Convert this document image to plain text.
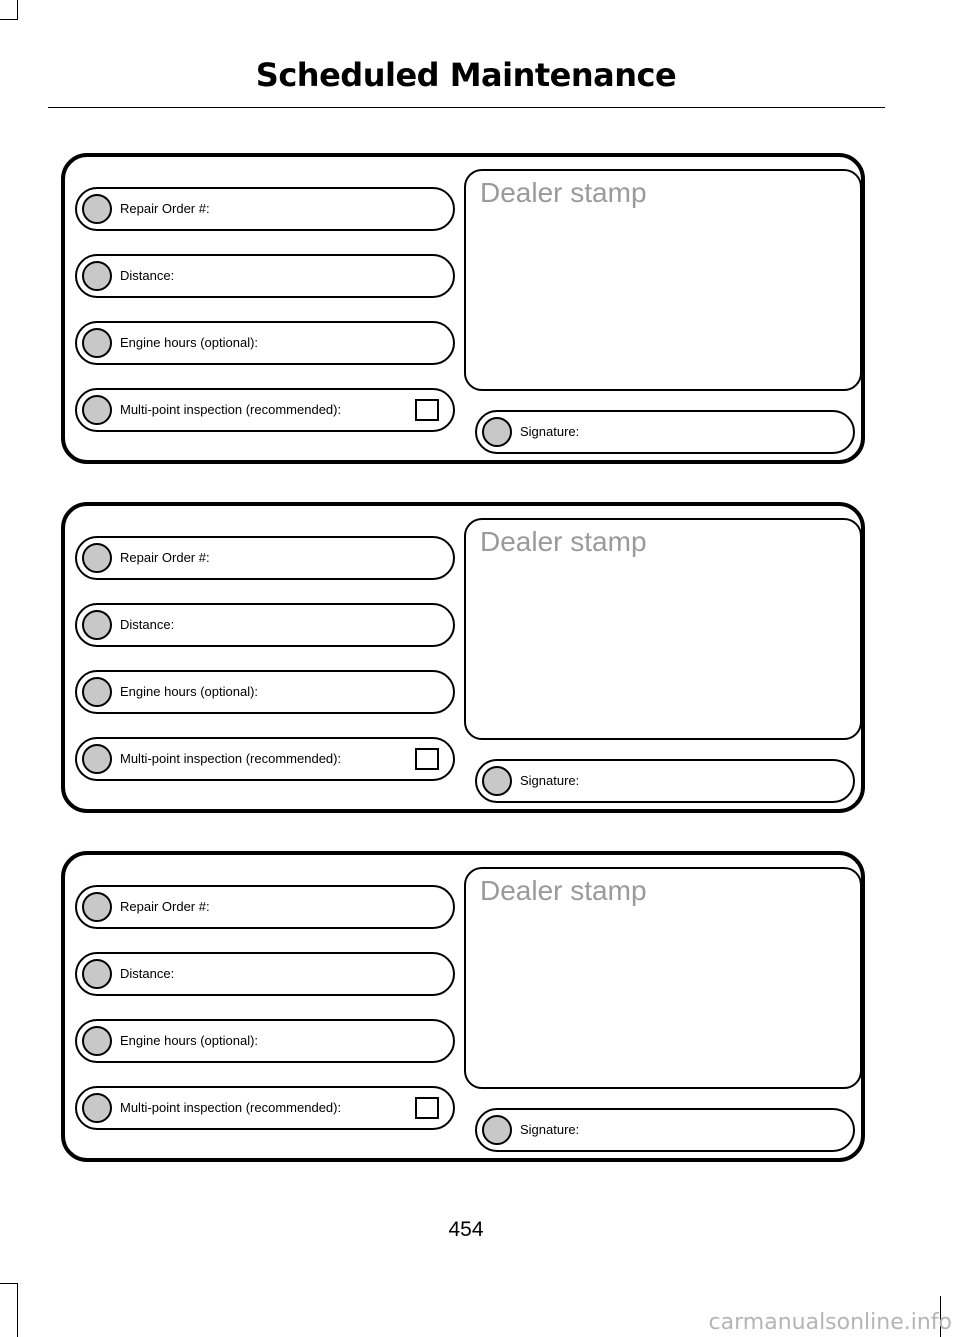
Scheduled Maintenance
Repair Order #:
Distance:
Engine hours (optional):
Multi-point inspection (recommended):
Dealer stamp
Signature:
Repair Order #:
Distance:
Engine hours (optional):
Multi-point inspection (recommended):
Dealer stamp
Signature:
Repair Order #:
Distance:
Engine hours (optional):
Multi-point inspection (recommended):
Dealer stamp
Signature:
454
carmanualsonline.info
